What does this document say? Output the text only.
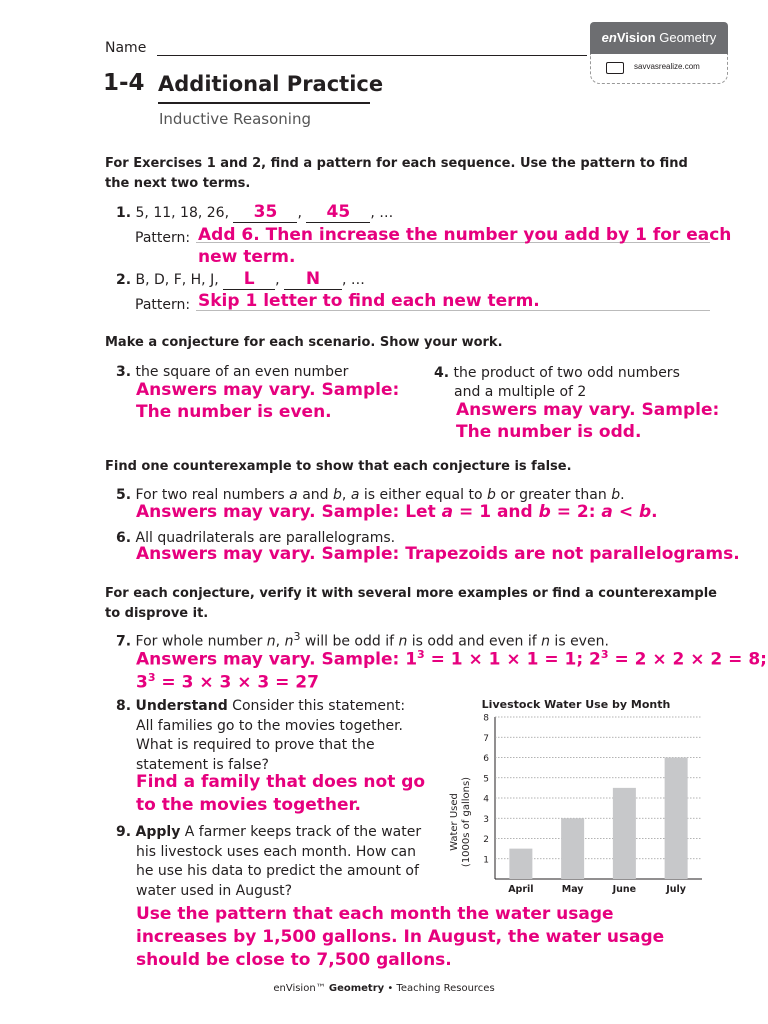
Name
enVision Geometry
savvasrealize.com
1-4 Additional Practice
Inductive Reasoning
For Exercises 1 and 2, find a pattern for each sequence. Use the pattern to find the next two terms.
1. 5, 11, 18, 26, 35 , 45 , …
Pattern: Add 6. Then increase the number you add by 1 for each
new term.
2. B, D, F, H, J, L , N , …
Pattern: Skip 1 letter to find each new term.
Make a conjecture for each scenario. Show your work.
3. the square of an even number
Answers may vary. Sample:
The number is even.
4. the product of two odd numbers
and a multiple of 2
Answers may vary. Sample:
The number is odd.
Find one counterexample to show that each conjecture is false.
5. For two real numbers a and b, a is either equal to b or greater than b.
Answers may vary. Sample: Let a = 1 and b = 2: a < b.
6. All quadrilaterals are parallelograms.
Answers may vary. Sample: Trapezoids are not parallelograms.
For each conjecture, verify it with several more examples or find a counterexample
to disprove it.
7. For whole number n, $n^3$ will be odd if n is odd and even if n is even.
Answers may vary. Sample: $1^3 = 1 \times 1 \times 1 = 1$; $2^3 = 2 \times 2 \times 2 = 8$;
$3^3 = 3 \times 3 \times 3 = 27$
8. Understand Consider this statement:
All families go to the movies together.
What is required to prove that the
statement is false?
Find a family that does not go
to the movies together.
9. Apply A farmer keeps track of the water
his livestock uses each month. How can
he use his data to predict the amount of
water used in August?
Use the pattern that each month the water usage
increases by 1,500 gallons. In August, the water usage
should be close to 7,500 gallons.
Livestock Water Use by Month
1
2
3
4
5
6
7
8
April	May	June	July
Water Used (1000s of gallons)
enVision™ Geometry • Teaching Resources
